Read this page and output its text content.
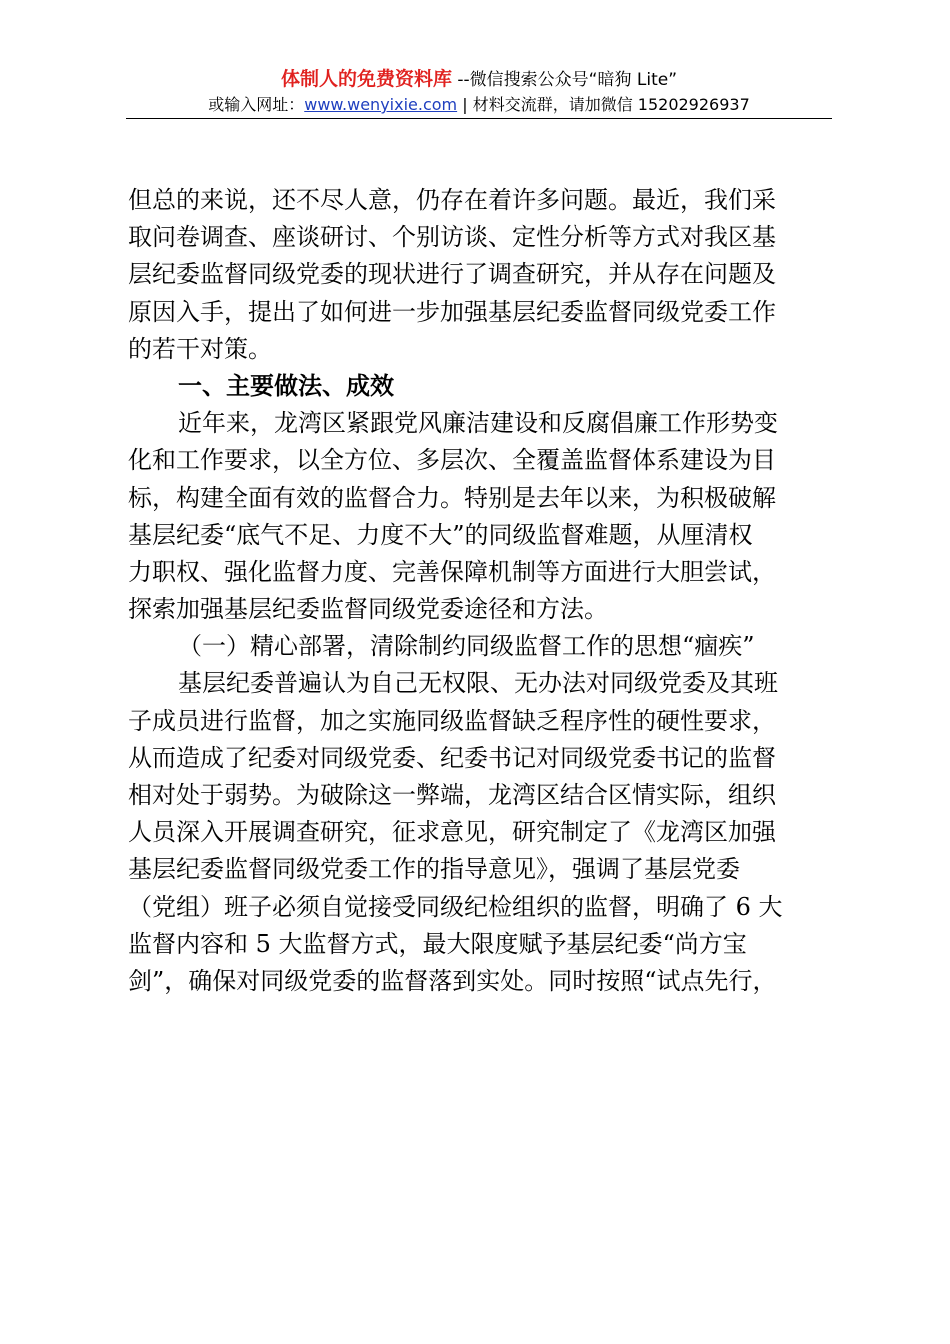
体制人的免费资料库 --微信搜索公众号“暗狗 Lite”
或输入网址：www.wenyixie.com | 材料交流群，请加微信 15202926937
但总的来说，还不尽人意，仍存在着许多问题。最近，我们采
取问卷调查、座谈研讨、个别访谈、定性分析等方式对我区基
层纪委监督同级党委的现状进行了调查研究，并从存在问题及
原因入手，提出了如何进一步加强基层纪委监督同级党委工作
的若干对策。
一、主要做法、成效
近年来，龙湾区紧跟党风廉洁建设和反腐倡廉工作形势变
化和工作要求，以全方位、多层次、全覆盖监督体系建设为目
标，构建全面有效的监督合力。特别是去年以来，为积极破解
基层纪委“底气不足、力度不大”的同级监督难题，从厘清权
力职权、强化监督力度、完善保障机制等方面进行大胆尝试，
探索加强基层纪委监督同级党委途径和方法。
（一）精心部署，清除制约同级监督工作的思想“痼疾”
基层纪委普遍认为自己无权限、无办法对同级党委及其班
子成员进行监督，加之实施同级监督缺乏程序性的硬性要求，
从而造成了纪委对同级党委、纪委书记对同级党委书记的监督
相对处于弱势。为破除这一弊端，龙湾区结合区情实际，组织
人员深入开展调查研究，征求意见，研究制定了《龙湾区加强
基层纪委监督同级党委工作的指导意见》，强调了基层党委
（党组）班子必须自觉接受同级纪检组织的监督，明确了 6 大
监督内容和 5 大监督方式，最大限度赋予基层纪委“尚方宝
剑”，确保对同级党委的监督落到实处。同时按照“试点先行，
